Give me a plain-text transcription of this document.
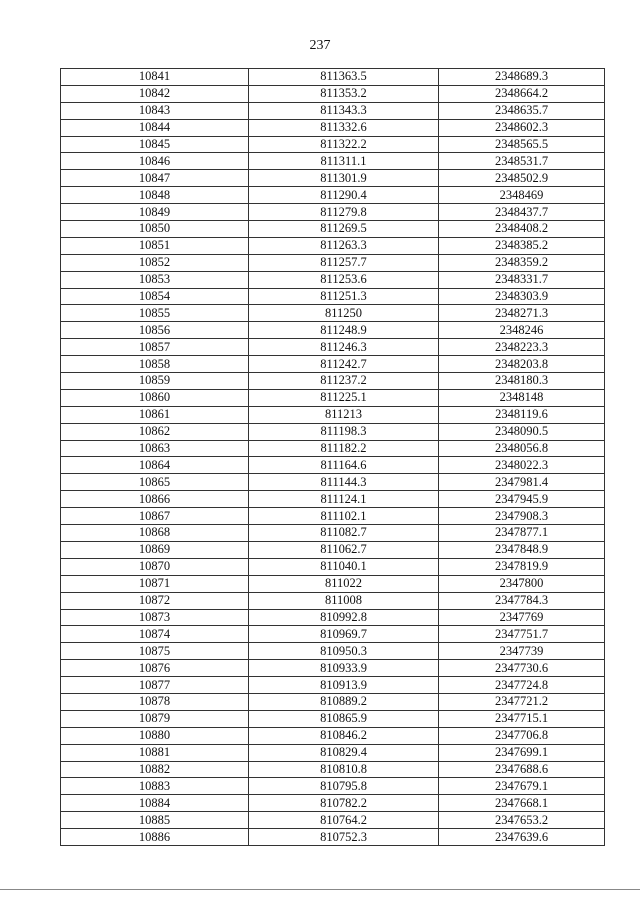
237
10841	811363.5	2348689.3
10842	811353.2	2348664.2
10843	811343.3	2348635.7
10844	811332.6	2348602.3
10845	811322.2	2348565.5
10846	811311.1	2348531.7
10847	811301.9	2348502.9
10848	811290.4	2348469
10849	811279.8	2348437.7
10850	811269.5	2348408.2
10851	811263.3	2348385.2
10852	811257.7	2348359.2
10853	811253.6	2348331.7
10854	811251.3	2348303.9
10855	811250	2348271.3
10856	811248.9	2348246
10857	811246.3	2348223.3
10858	811242.7	2348203.8
10859	811237.2	2348180.3
10860	811225.1	2348148
10861	811213	2348119.6
10862	811198.3	2348090.5
10863	811182.2	2348056.8
10864	811164.6	2348022.3
10865	811144.3	2347981.4
10866	811124.1	2347945.9
10867	811102.1	2347908.3
10868	811082.7	2347877.1
10869	811062.7	2347848.9
10870	811040.1	2347819.9
10871	811022	2347800
10872	811008	2347784.3
10873	810992.8	2347769
10874	810969.7	2347751.7
10875	810950.3	2347739
10876	810933.9	2347730.6
10877	810913.9	2347724.8
10878	810889.2	2347721.2
10879	810865.9	2347715.1
10880	810846.2	2347706.8
10881	810829.4	2347699.1
10882	810810.8	2347688.6
10883	810795.8	2347679.1
10884	810782.2	2347668.1
10885	810764.2	2347653.2
10886	810752.3	2347639.6
